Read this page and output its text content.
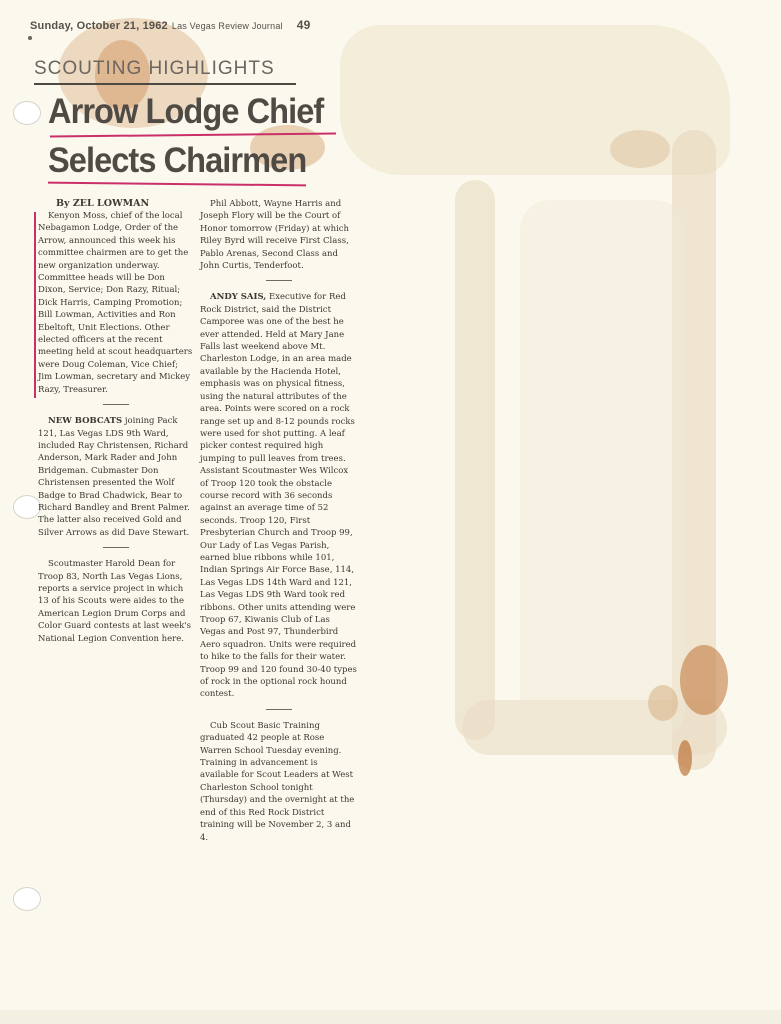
Sunday, October 21, 1962 Las Vegas Review Journal 49
SCOUTING HIGHLIGHTS
Arrow Lodge Chief
Selects Chairmen
By ZEL LOWMAN

Kenyon Moss, chief of the local Nebagamon Lodge, Order of the Arrow, announced this week his committee chairmen are to get the new organization underway. Committee heads will be Don Dixon, Service; Don Razy, Ritual; Dick Harris, Camping Promotion; Bill Lowman, Activities and Ron Ebeltoft, Unit Elections. Other elected officers at the recent meeting held at scout headquarters were Doug Coleman, Vice Chief; Jim Lowman, secretary and Mickey Razy, Treasurer.

NEW BOBCATS joining Pack 121, Las Vegas LDS 9th Ward, included Ray Christensen, Richard Anderson, Mark Rader and John Bridgeman. Cubmaster Don Christensen presented the Wolf Badge to Brad Chadwick, Bear to Richard Bandley and Brent Palmer. The latter also received Gold and Silver Arrows as did Dave Stewart.

Scoutmaster Harold Dean for Troop 83, North Las Vegas Lions, reports a service project in which 13 of his Scouts were aides to the American Legion Drum Corps and Color Guard contests at last week's National Legion Convention here.

Phil Abbott, Wayne Harris and Joseph Flory will be the Court of Honor tomorrow (Friday) at which Riley Byrd will receive First Class, Pablo Arenas, Second Class and John Curtis, Tenderfoot.

ANDY SAIS, Executive for Red Rock District, said the District Camporee was one of the best he ever attended. Held at Mary Jane Falls last weekend above Mt. Charleston Lodge, in an area made available by the Hacienda Hotel, emphasis was on physical fitness, using the natural attributes of the area. Points were scored on a rock range set up and 8-12 pounds rocks were used for shot putting. A leaf picker contest required high jumping to pull leaves from trees. Assistant Scoutmaster Wes Wilcox of Troop 120 took the obstacle course record with 36 seconds against an average time of 52 seconds. Troop 120, First Presbyterian Church and Troop 99, Our Lady of Las Vegas Parish, earned blue ribbons while 101, Indian Springs Air Force Base, 114, Las Vegas LDS 14th Ward and 121, Las Vegas LDS 9th Ward took red ribbons. Other units attending were Troop 67, Kiwanis Club of Las Vegas and Post 97, Thunderbird Aero squadron. Units were required to hike to the falls for their water. Troop 99 and 120 found 30-40 types of rock in the optional rock hound contest.

Cub Scout Basic Training graduated 42 people at Rose Warren School Tuesday evening. Training in advancement is available for Scout Leaders at West Charleston School tonight (Thursday) and the overnight at the end of this Red Rock District training will be November 2, 3 and 4.
